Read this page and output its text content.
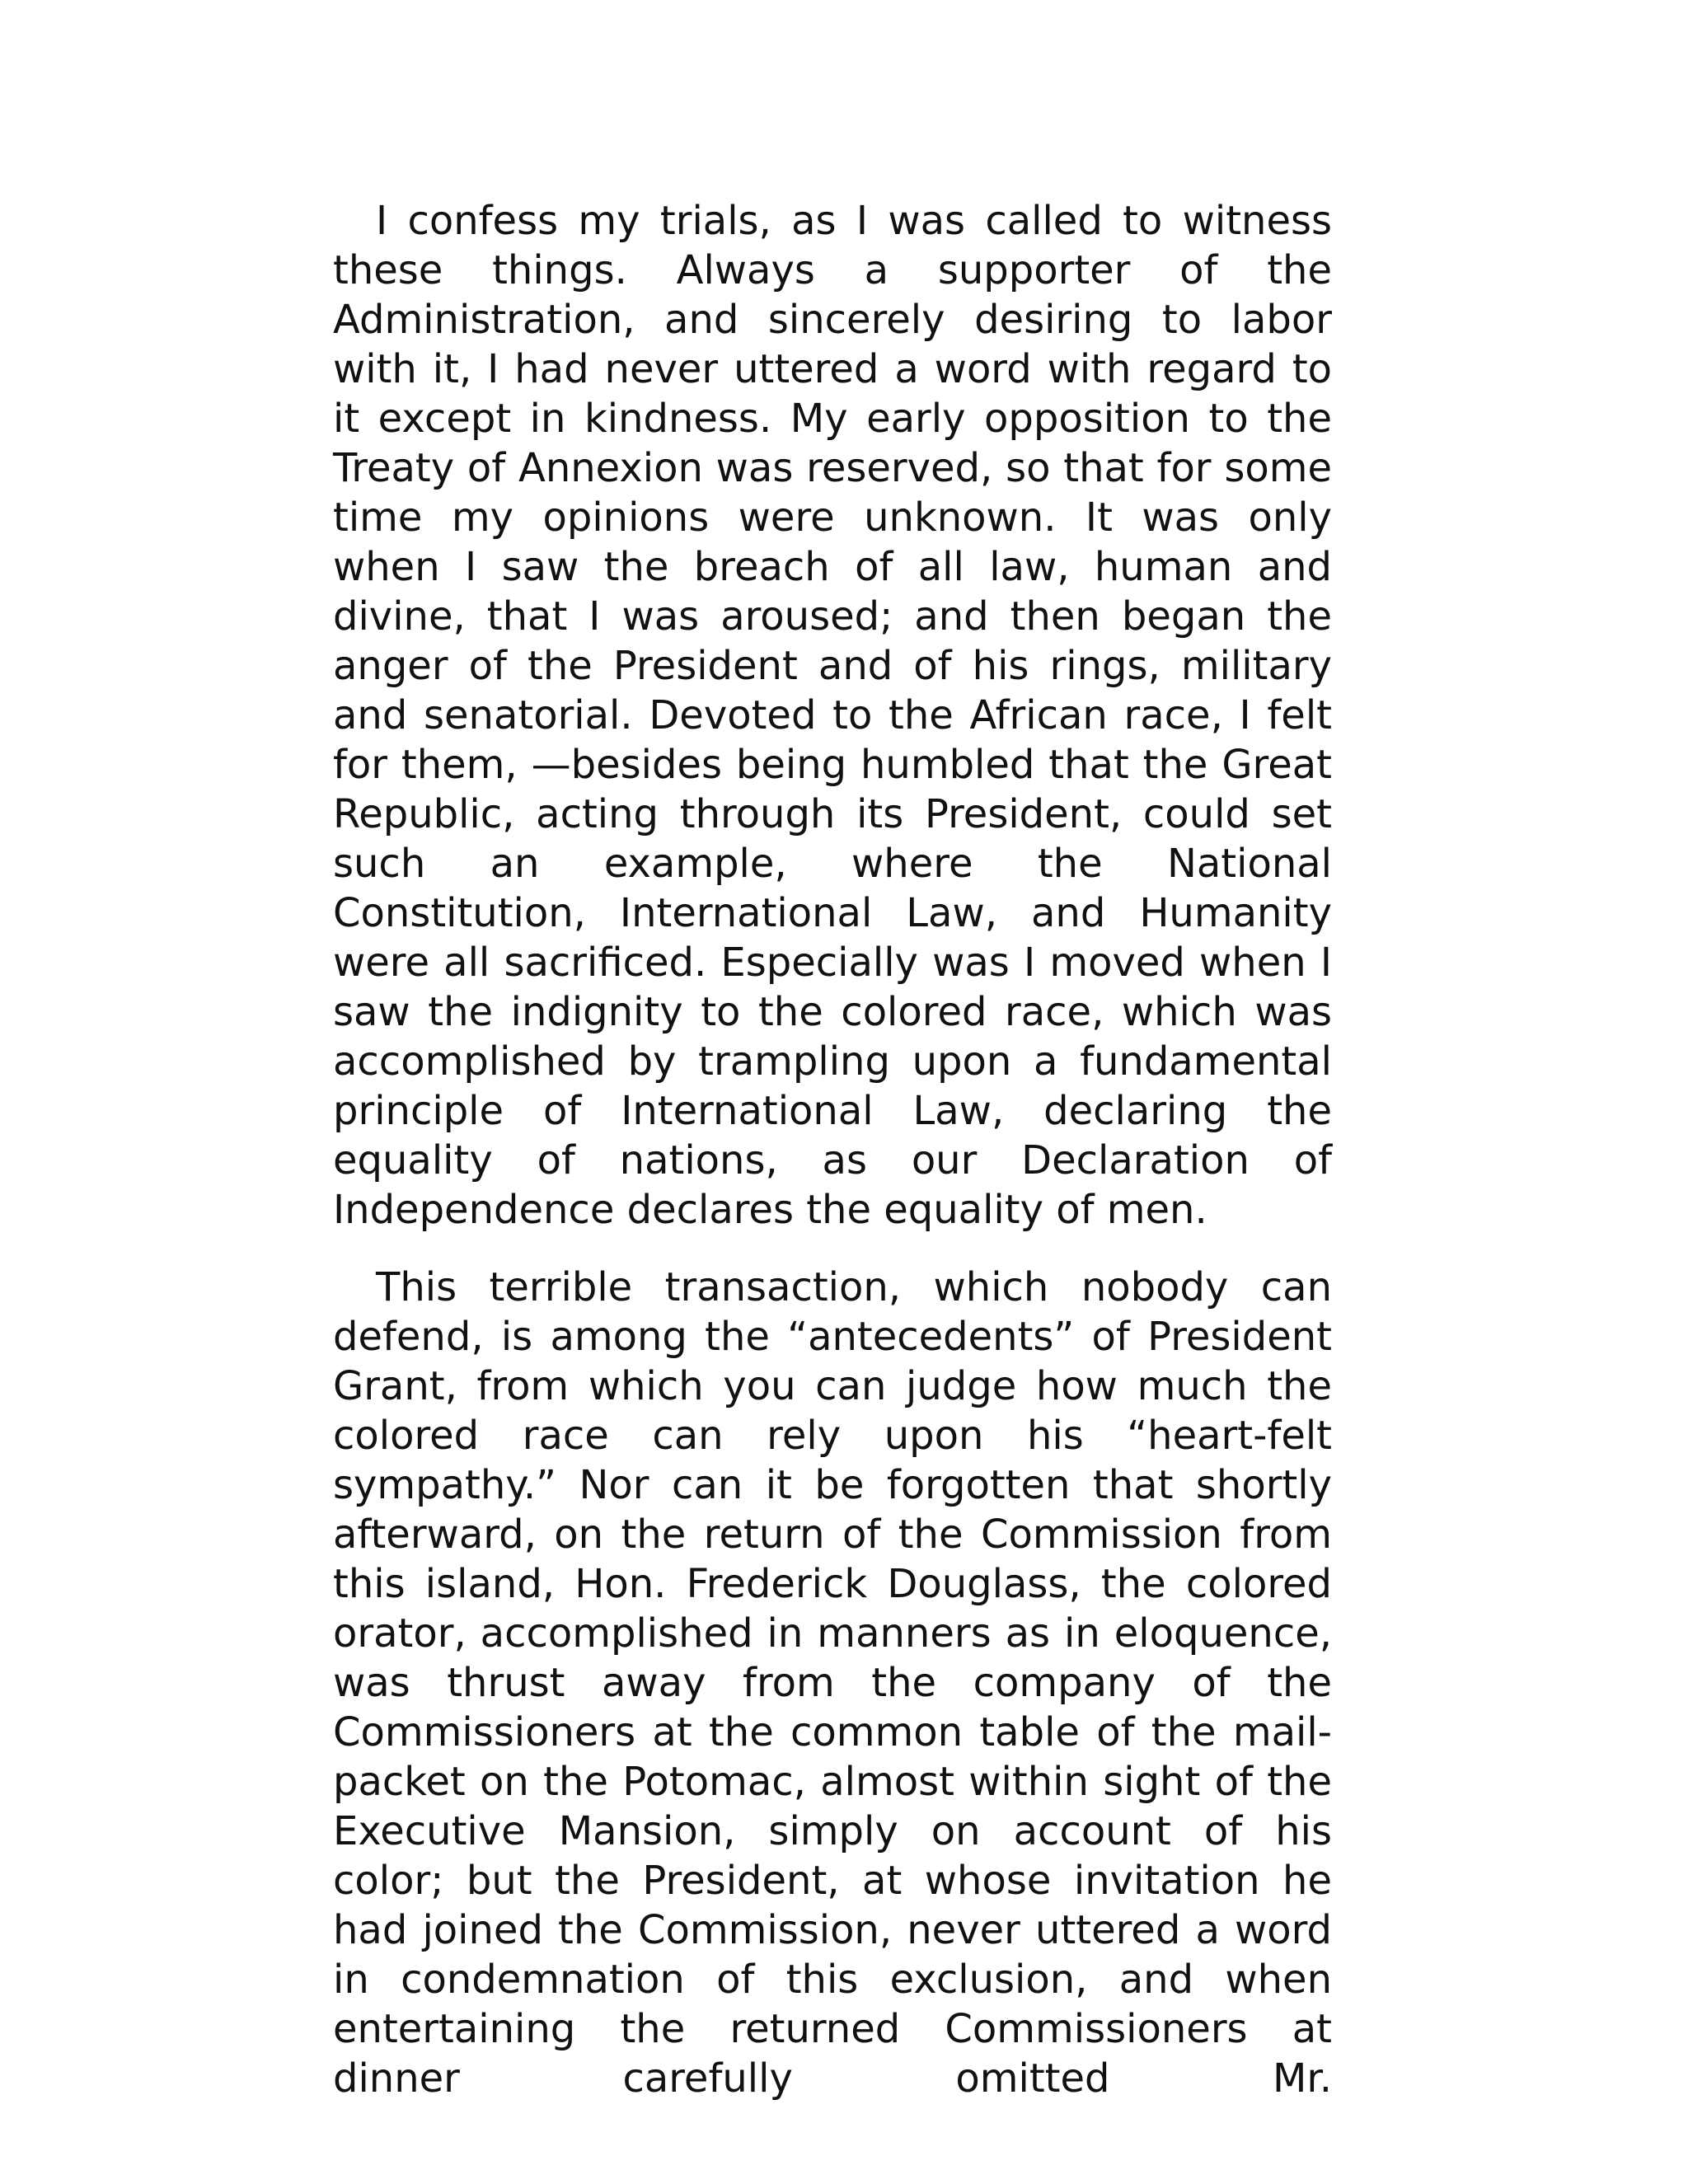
I confess my trials, as I was called to witness these things. Always a supporter of the Administration, and sincerely desiring to labor with it, I had never uttered a word with regard to it except in kindness. My early opposition to the Treaty of Annexion was reserved, so that for some time my opinions were unknown. It was only when I saw the breach of all law, human and divine, that I was aroused; and then began the anger of the President and of his rings, military and senatorial. Devoted to the African race, I felt for them, —besides being humbled that the Great Republic, acting through its President, could set such an example, where the National Constitution, International Law, and Humanity were all sacrificed. Especially was I moved when I saw the indignity to the colored race, which was accomplished by trampling upon a fundamental principle of International Law, declaring the equality of nations, as our Declaration of Independence declares the equality of men.

This terrible transaction, which nobody can defend, is among the “antecedents” of President Grant, from which you can judge how much the colored race can rely upon his “heart-felt sympathy.” Nor can it be forgotten that shortly afterward, on the return of the Commission from this island, Hon. Frederick Douglass, the colored orator, accomplished in manners as in eloquence, was thrust away from the company of the Commissioners at the common table of the mail-packet on the Potomac, almost within sight of the Executive Mansion, simply on account of his color; but the President, at whose invitation he had joined the Commission, never uttered a word in condemnation of this exclusion, and when entertaining the returned Commissioners at dinner carefully omitted Mr.
